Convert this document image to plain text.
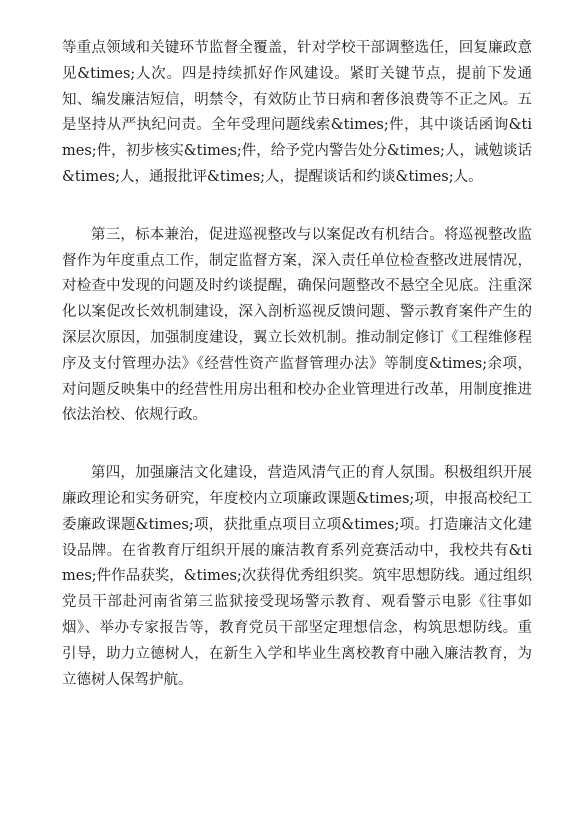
等重点领域和关键环节监督全覆盖，针对学校干部调整选任，回复廉政意见&times;人次。四是持续抓好作风建设。紧盯关键节点，提前下发通知、编发廉洁短信，明禁令，有效防止节日病和奢侈浪费等不正之风。五是坚持从严执纪问责。全年受理问题线索&times;件，其中谈话函询&times;件，初步核实&times;件，给予党内警告处分&times;人，诫勉谈话&times;人，通报批评&times;人，提醒谈话和约谈&times;人。

第三，标本兼治，促进巡视整改与以案促改有机结合。将巡视整改监督作为年度重点工作，制定监督方案，深入责任单位检查整改进展情况，对检查中发现的问题及时约谈提醒，确保问题整改不悬空全见底。注重深化以案促改长效机制建设，深入剖析巡视反馈问题、警示教育案件产生的深层次原因，加强制度建设，翼立长效机制。推动制定修订《工程维修程序及支付管理办法》《经营性资产监督管理办法》等制度&times;余项，对问题反映集中的经营性用房出租和校办企业管理进行改革，用制度推进依法治校、依规行政。

第四，加强廉洁文化建设，营造风清气正的育人氛围。积极组织开展廉政理论和实务研究，年度校内立项廉政课题&times;项，申报高校纪工委廉政课题&times;项，获批重点项目立项&times;项。打造廉洁文化建设品牌。在省教育厅组织开展的廉洁教育系列竞赛活动中，我校共有&times;件作品获奖，&times;次获得优秀组织奖。筑牢思想防线。通过组织党员干部赴河南省第三监狱接受现场警示教育、观看警示电影《往事如烟》、举办专家报告等，教育党员干部坚定理想信念，构筑思想防线。重引导，助力立德树人，在新生入学和毕业生离校教育中融入廉洁教育，为立德树人保驾护航。
